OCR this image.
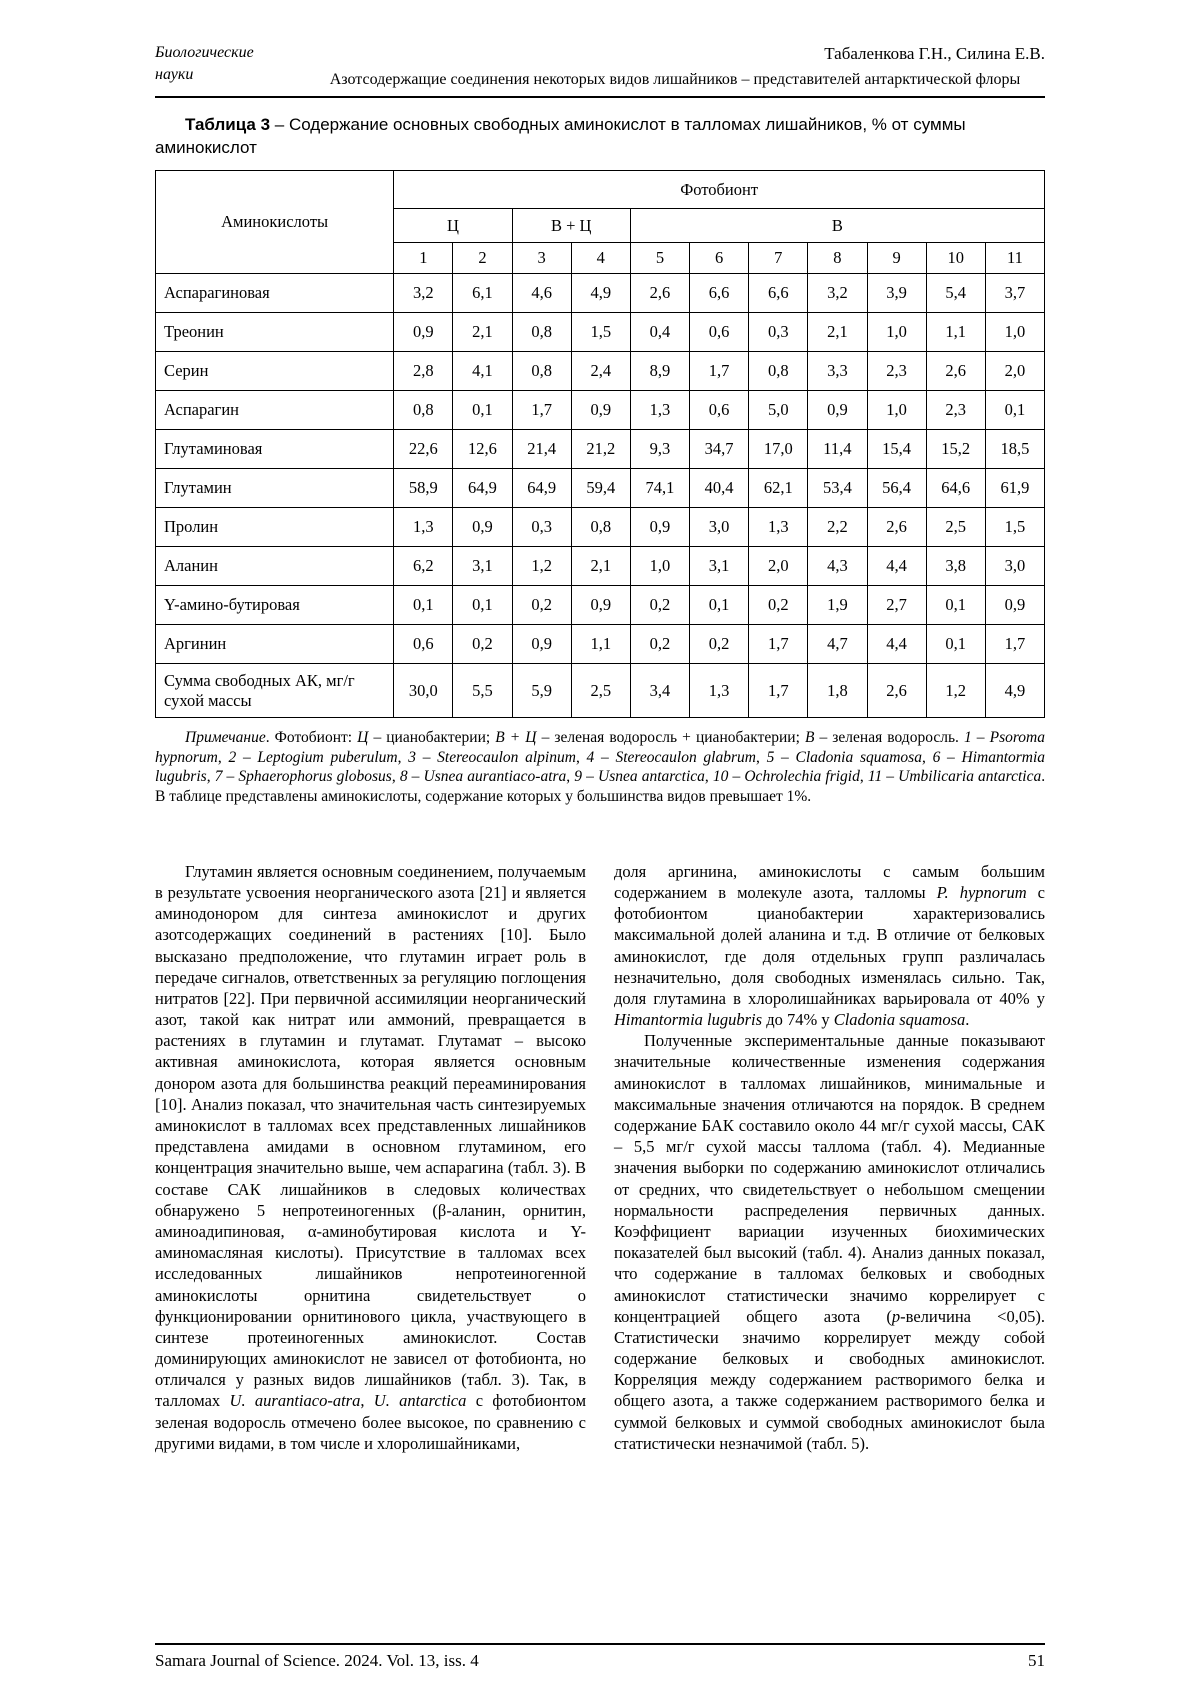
Биологические
науки
Табаленкова Г.Н., Силина Е.В.
Азотсодержащие соединения некоторых видов лишайников – представителей антарктической флоры

Таблица 3 – Содержание основных свободных аминокислот в талломах лишайников, % от суммы аминокислот

Аминокислоты	Фотобионт										
	Ц		В + Ц		В						
	1	2	3	4	5	6	7	8	9	10	11
Аспарагиновая	3,2	6,1	4,6	4,9	2,6	6,6	6,6	3,2	3,9	5,4	3,7
Треонин	0,9	2,1	0,8	1,5	0,4	0,6	0,3	2,1	1,0	1,1	1,0
Серин	2,8	4,1	0,8	2,4	8,9	1,7	0,8	3,3	2,3	2,6	2,0
Аспарагин	0,8	0,1	1,7	0,9	1,3	0,6	5,0	0,9	1,0	2,3	0,1
Глутаминовая	22,6	12,6	21,4	21,2	9,3	34,7	17,0	11,4	15,4	15,2	18,5
Глутамин	58,9	64,9	64,9	59,4	74,1	40,4	62,1	53,4	56,4	64,6	61,9
Пролин	1,3	0,9	0,3	0,8	0,9	3,0	1,3	2,2	2,6	2,5	1,5
Аланин	6,2	3,1	1,2	2,1	1,0	3,1	2,0	4,3	4,4	3,8	3,0
Υ-амино-бутировая	0,1	0,1	0,2	0,9	0,2	0,1	0,2	1,9	2,7	0,1	0,9
Аргинин	0,6	0,2	0,9	1,1	0,2	0,2	1,7	4,7	4,4	0,1	1,7
Сумма свободных АК, мг/г сухой массы	30,0	5,5	5,9	2,5	3,4	1,3	1,7	1,8	2,6	1,2	4,9

Примечание. Фотобионт: Ц – цианобактерии; В + Ц – зеленая водоросль + цианобактерии; В – зеленая водоросль. 1 – Psoroma hypnorum, 2 – Leptogium puberulum, 3 – Stereocaulon alpinum, 4 – Stereocaulon glabrum, 5 – Cladonia squamosa, 6 – Himantormia lugubris, 7 – Sphaerophorus globosus, 8 – Usnea aurantiaco-atra, 9 – Usnea antarctica, 10 – Ochrolechia frigid, 11 – Umbilicaria antarctica. В таблице представлены аминокислоты, содержание которых у большинства видов превышает 1%.

Глутамин является основным соединением, получаемым в результате усвоения неорганического азота [21] и является аминодонором для синтеза аминокислот и других азотсодержащих соединений в растениях [10]. Было высказано предположение, что глутамин играет роль в передаче сигналов, ответственных за регуляцию поглощения нитратов [22]. При первичной ассимиляции неорганический азот, такой как нитрат или аммоний, превращается в растениях в глутамин и глутамат. Глутамат – высоко активная аминокислота, которая является основным донором азота для большинства реакций переаминирования [10]. Анализ показал, что значительная часть синтезируемых аминокислот в талломах всех представленных лишайников представлена амидами в основном глутамином, его концентрация значительно выше, чем аспарагина (табл. 3). В составе САК лишайников в следовых количествах обнаружено 5 непротеиногенных (β-аланин, орнитин, аминоадипиновая, α-аминобутировая кислота и Υ-аминомасляная кислоты). Присутствие в талломах всех исследованных лишайников непротеиногенной аминокислоты орнитина свидетельствует о функционировании орнитинового цикла, участвующего в синтезе протеиногенных аминокислот. Состав доминирующих аминокислот не зависел от фотобионта, но отличался у разных видов лишайников (табл. 3). Так, в талломах U. aurantiaco-atra, U. antarctica с фотобионтом зеленая водоросль отмечено более высокое, по сравнению с другими видами, в том числе и хлоролишайниками,

доля аргинина, аминокислоты с самым большим содержанием в молекуле азота, талломы P. hypnorum с фотобионтом цианобактерии характеризовались максимальной долей аланина и т.д. В отличие от белковых аминокислот, где доля отдельных групп различалась незначительно, доля свободных изменялась сильно. Так, доля глутамина в хлоролишайниках варьировала от 40% у Himantormia lugubris до 74% у Cladonia squamosa.

Полученные экспериментальные данные показывают значительные количественные изменения содержания аминокислот в талломах лишайников, минимальные и максимальные значения отличаются на порядок. В среднем содержание БАК составило около 44 мг/г сухой массы, САК – 5,5 мг/г сухой массы таллома (табл. 4). Медианные значения выборки по содержанию аминокислот отличались от средних, что свидетельствует о небольшом смещении нормальности распределения первичных данных. Коэффициент вариации изученных биохимических показателей был высокий (табл. 4). Анализ данных показал, что содержание в талломах белковых и свободных аминокислот статистически значимо коррелирует с концентрацией общего азота (p-величина <0,05). Статистически значимо коррелирует между собой содержание белковых и свободных аминокислот. Корреляция между содержанием растворимого белка и общего азота, а также содержанием растворимого белка и суммой белковых и суммой свободных аминокислот была статистически незначимой (табл. 5).

Samara Journal of Science. 2024. Vol. 13, iss. 4	51
